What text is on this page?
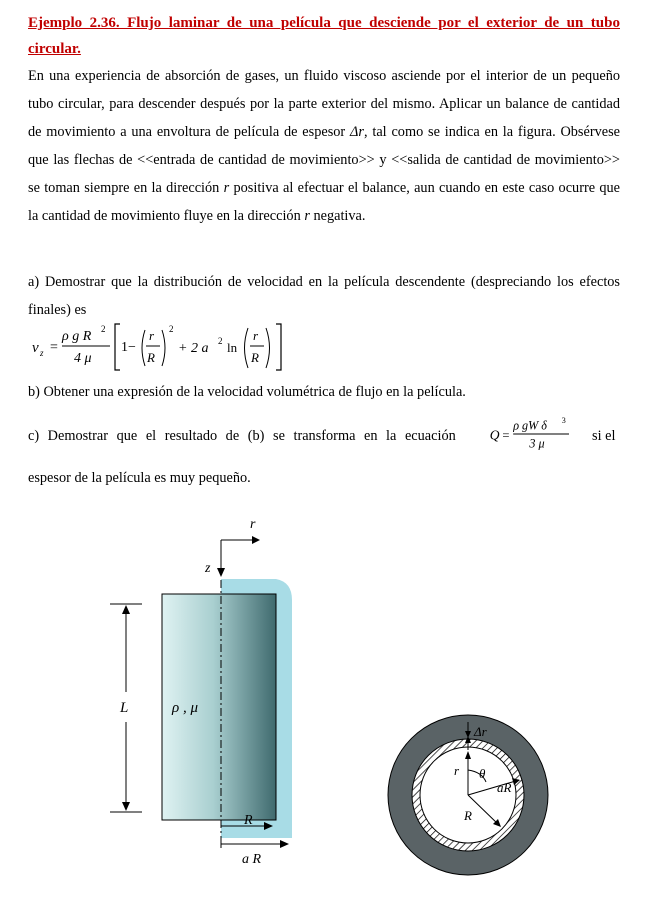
Ejemplo 2.36. Flujo laminar de una película que desciende por el exterior de un tubo circular.

En una experiencia de absorción de gases, un fluido viscoso asciende por el interior de un pequeño tubo circular, para descender después por la parte exterior del mismo. Aplicar un balance de cantidad de movimiento a una envoltura de película de espesor Δr, tal como se indica en la figura. Obsérvese que las flechas de <<entrada de cantidad de movimiento>> y <<salida de cantidad de movimiento>> se toman siempre en la dirección r positiva al efectuar el balance, aun cuando en este caso ocurre que la cantidad de movimiento fluye en la dirección r negativa.

a) Demostrar que la distribución de velocidad en la película descendente (despreciando los efectos finales) es

v z =
ρ g R 2
4 μ
1−
r
R
2
+ 2 a 2 ln
r
R
b) Obtener una expresión de la velocidad volumétrica de flujo en la película.
c) Demostrar que el resultado de (b) se transforma en la ecuación	Q =
ρ gW δ 3
3 μ	si el
espesor de la película es muy pequeño.
r
z
L	ρ , μ
R
a R
Δr
r θ
aR
R
